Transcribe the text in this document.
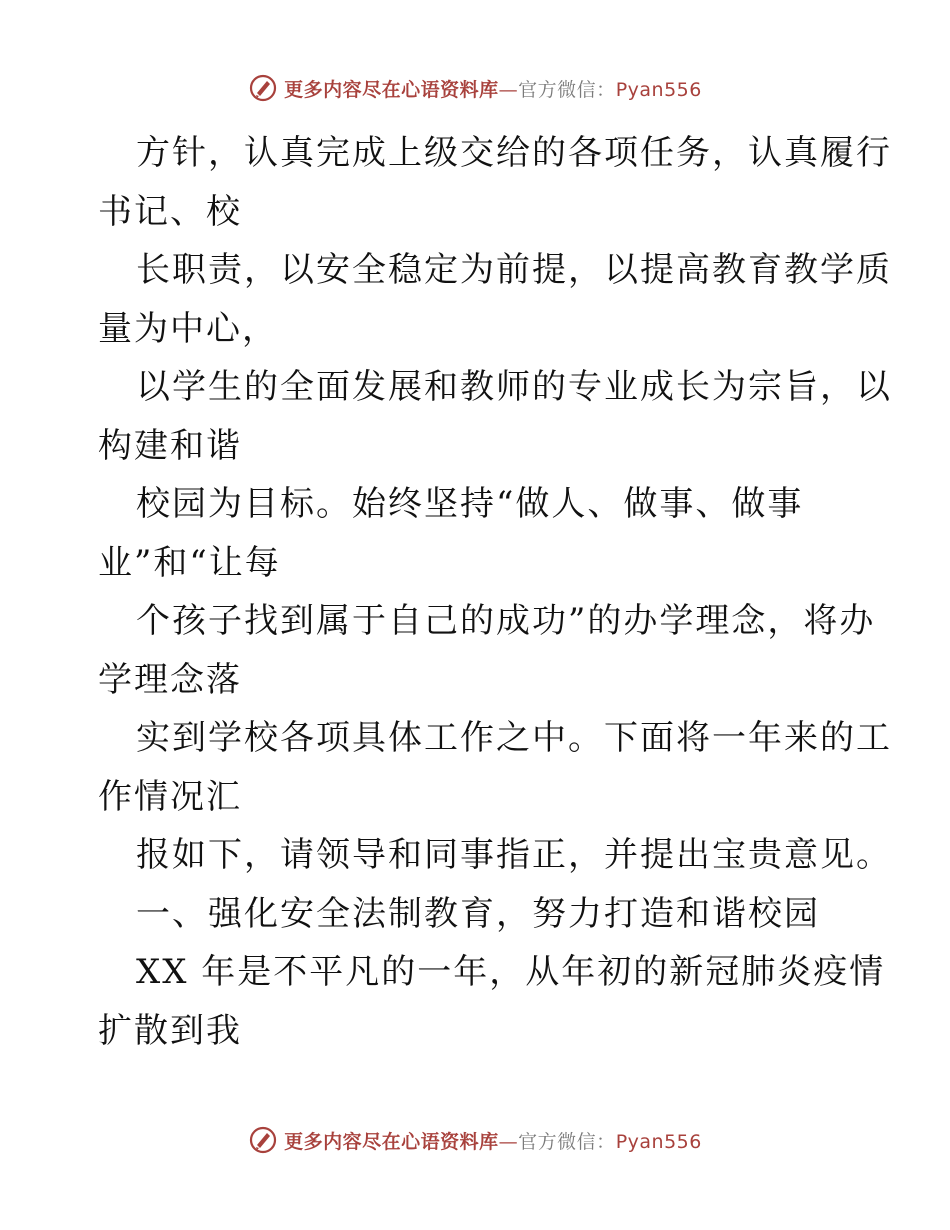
更多内容尽在心语资料库—官方微信：Pyan556
方针，认真完成上级交给的各项任务，认真履行
书记、校
长职责，以安全稳定为前提，以提高教育教学质
量为中心，
以学生的全面发展和教师的专业成长为宗旨，以
构建和谐
校园为目标。始终坚持“做人、做事、做事
业”和“让每
个孩子找到属于自己的成功”的办学理念，将办
学理念落
实到学校各项具体工作之中。下面将一年来的工
作情况汇
报如下，请领导和同事指正，并提出宝贵意见。
一、强化安全法制教育，努力打造和谐校园
XX 年是不平凡的一年，从年初的新冠肺炎疫情
扩散到我
更多内容尽在心语资料库—官方微信：Pyan556
